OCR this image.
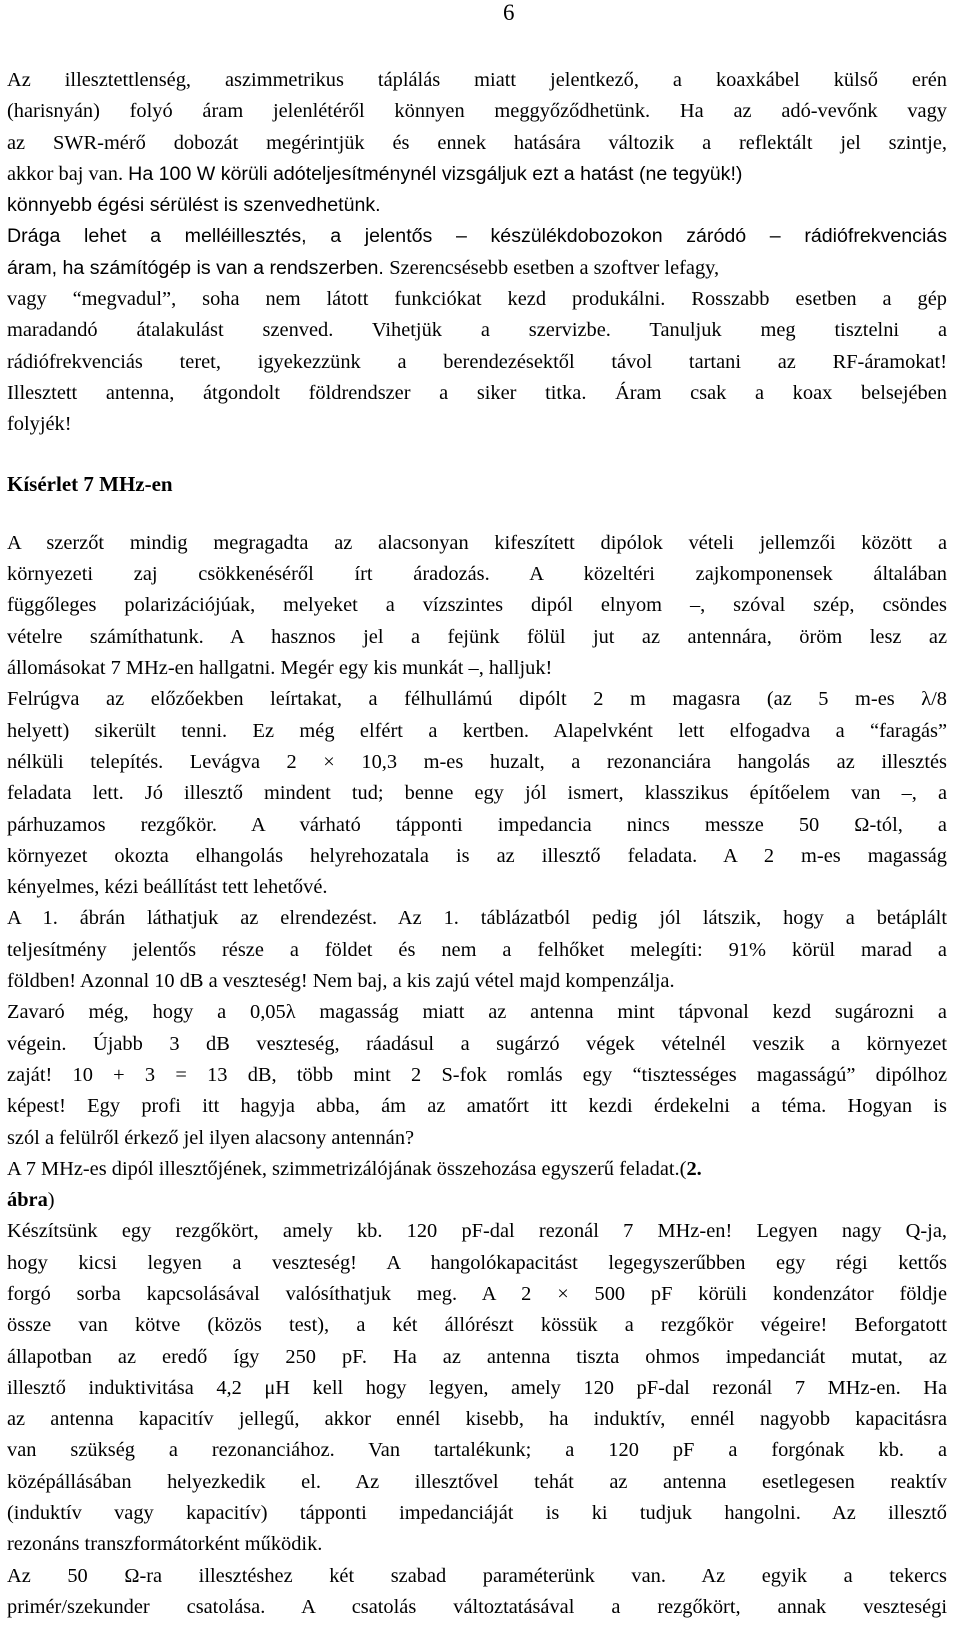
6
Az illesztettlenség, aszimmetrikus táplálás miatt jelentkező, a koaxkábel külső erén
(harisnyán) folyó áram jelenlétéről könnyen meggyőződhetünk. Ha az adó-vevőnk vagy
az SWR-mérő dobozát megérintjük és ennek hatására változik a reflektált jel szintje,
akkor baj van. Ha 100 W körüli adóteljesítménynél vizsgáljuk ezt a hatást (ne tegyük!)
könnyebb égési sérülést is szenvedhetünk.
Drága lehet a melléillesztés, a jelentős – készülékdobozokon záródó – rádiófrekvenciás
áram, ha számítógép is van a rendszerben. Szerencsésebb esetben a szoftver lefagy,
vagy “megvadul”, soha nem látott funkciókat kezd produkálni. Rosszabb esetben a gép
maradandó átalakulást szenved. Vihetjük a szervizbe. Tanuljuk meg tisztelni a
rádiófrekvenciás teret, igyekezzünk a berendezésektől távol tartani az RF-áramokat!
Illesztett antenna, átgondolt földrendszer a siker titka. Áram csak a koax belsejében
folyjék!
Kísérlet 7 MHz-en
A szerzőt mindig megragadta az alacsonyan kifeszített dipólok vételi jellemzői között a
környezeti zaj csökkenéséről írt áradozás. A közeltéri zajkomponensek általában
függőleges polarizációjúak, melyeket a vízszintes dipól elnyom –, szóval szép, csöndes
vételre számíthatunk. A hasznos jel a fejünk fölül jut az antennára, öröm lesz az
állomásokat 7 MHz-en hallgatni. Megér egy kis munkát –, halljuk!
Felrúgva az előzőekben leírtakat, a félhullámú dipólt 2 m magasra (az 5 m-es λ/8
helyett) sikerült tenni. Ez még elfért a kertben. Alapelvként lett elfogadva a “faragás”
nélküli telepítés. Levágva 2 × 10,3 m-es huzalt, a rezonanciára hangolás az illesztés
feladata lett. Jó illesztő mindent tud; benne egy jól ismert, klasszikus építőelem van –, a
párhuzamos rezgőkör. A várható tápponti impedancia nincs messze 50 Ω-tól, a
környezet okozta elhangolás helyrehozatala is az illesztő feladata. A 2 m-es magasság
kényelmes, kézi beállítást tett lehetővé.
A 1. ábrán láthatjuk az elrendezést. Az 1. táblázatból pedig jól látszik, hogy a betáplált
teljesítmény jelentős része a földet és nem a felhőket melegíti: 91% körül marad a
földben! Azonnal 10 dB a veszteség! Nem baj, a kis zajú vétel majd kompenzálja.
Zavaró még, hogy a 0,05λ magasság miatt az antenna mint tápvonal kezd sugározni a
végein. Újabb 3 dB veszteség, ráadásul a sugárzó végek vételnél veszik a környezet
zaját! 10 + 3 = 13 dB, több mint 2 S-fok romlás egy “tisztességes magasságú” dipólhoz
képest! Egy profi itt hagyja abba, ám az amatőrt itt kezdi érdekelni a téma. Hogyan is
szól a felülről érkező jel ilyen alacsony antennán?
A 7 MHz-es dipól illesztőjének, szimmetrizálójának összehozása egyszerű feladat.(2.
ábra)
Készítsünk egy rezgőkört, amely kb. 120 pF-dal rezonál 7 MHz-en! Legyen nagy Q-ja,
hogy kicsi legyen a veszteség! A hangolókapacitást legegyszerűbben egy régi kettős
forgó sorba kapcsolásával valósíthatjuk meg. A 2 × 500 pF körüli kondenzátor földje
össze van kötve (közös test), a két állórészt kössük a rezgőkör végeire! Beforgatott
állapotban az eredő így 250 pF. Ha az antenna tiszta ohmos impedanciát mutat, az
illesztő induktivitása 4,2 μH kell hogy legyen, amely 120 pF-dal rezonál 7 MHz-en. Ha
az antenna kapacitív jellegű, akkor ennél kisebb, ha induktív, ennél nagyobb kapacitásra
van szükség a rezonanciához. Van tartalékunk; a 120 pF a forgónak kb. a
középállásában helyezkedik el. Az illesztővel tehát az antenna esetlegesen reaktív
(induktív vagy kapacitív) tápponti impedanciáját is ki tudjuk hangolni. Az illesztő
rezonáns transzformátorként működik.
Az 50 Ω-ra illesztéshez két szabad paraméterünk van. Az egyik a tekercs
primér/szekunder csatolása. A csatolás változtatásával a rezgőkört, annak veszteségi
